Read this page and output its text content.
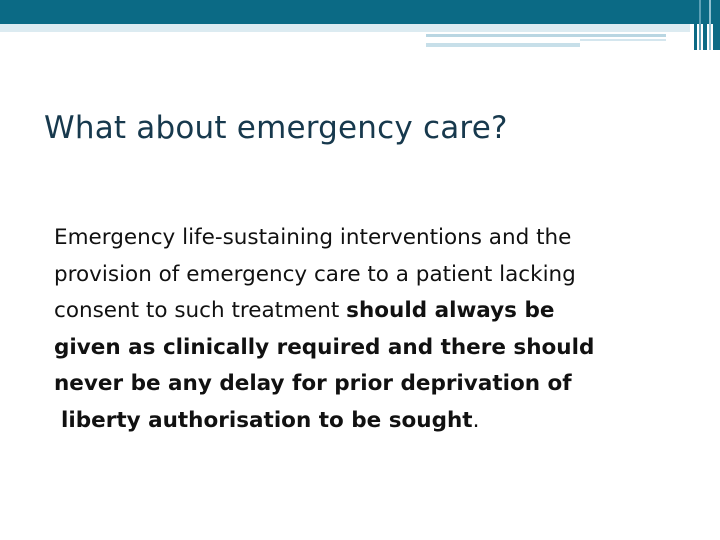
What about emergency care?
Emergency life-sustaining interventions and the
provision of emergency care to a patient lacking
consent to such treatment should always be
given as clinically required and there should
never be any delay for prior deprivation of
liberty authorisation to be sought.
